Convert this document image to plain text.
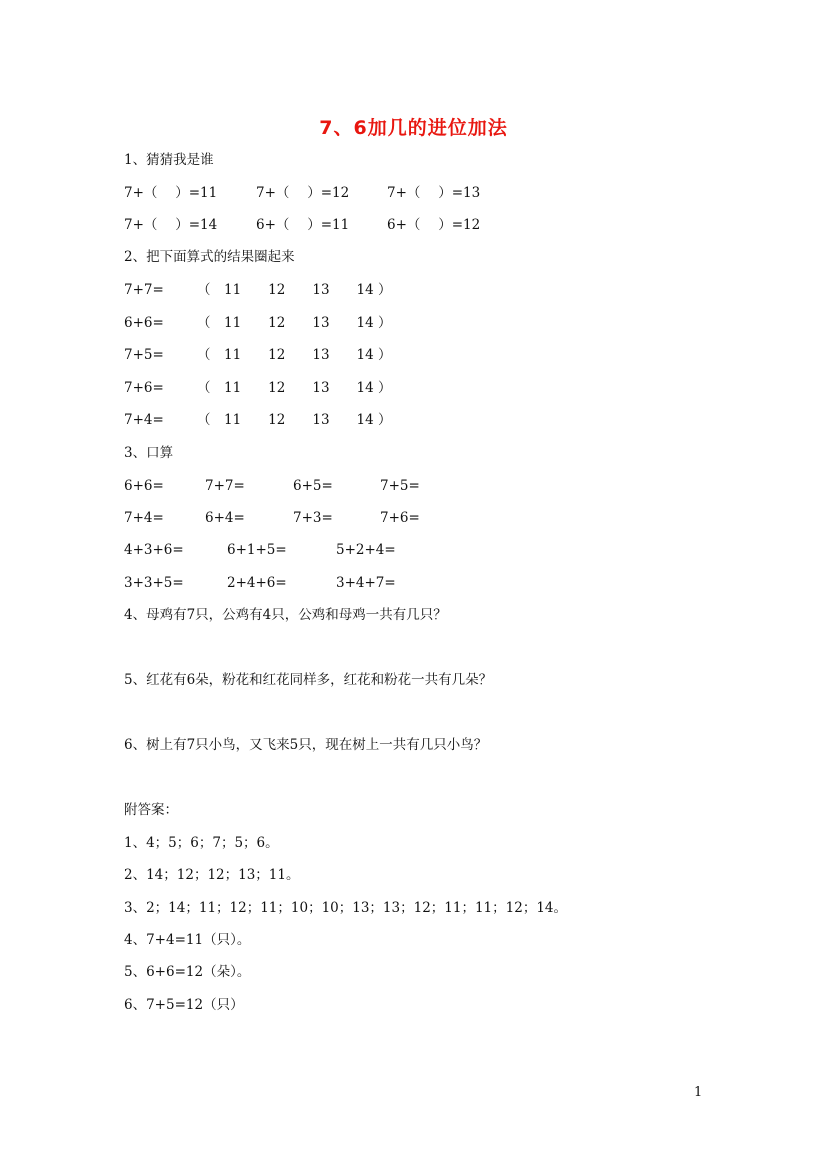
7、6加几的进位加法
1、猜猜我是谁
7+（　 ）=11	7+（　 ）=12	7+（　 ）=13
7+（　 ）=14	6+（　 ）=11	6+（　 ）=12
2、把下面算式的结果圈起来
7+7= （　11　　12　　13　　14 ）
6+6= （　11　　12　　13　　14 ）
7+5= （　11　　12　　13　　14 ）
7+6= （　11　　12　　13　　14 ）
7+4= （　11　　12　　13　　14 ）
3、口算
6+6=	7+7=	6+5=	7+5=
7+4=	6+4=	7+3=	7+6=
4+3+6=	6+1+5=	5+2+4=
3+3+5=	2+4+6=	3+4+7=
4、母鸡有7只，公鸡有4只，公鸡和母鸡一共有几只？
5、红花有6朵，粉花和红花同样多，红花和粉花一共有几朵？
6、树上有7只小鸟，又飞来5只，现在树上一共有几只小鸟？
附答案：
1、4；5；6；7；5；6。
2、14；12；12；13；11。
3、2；14；11；12；11；10；10；13；13；12；11；11；12；14。
4、7+4=11（只）。
5、6+6=12（朵）。
6、7+5=12（只）
1
